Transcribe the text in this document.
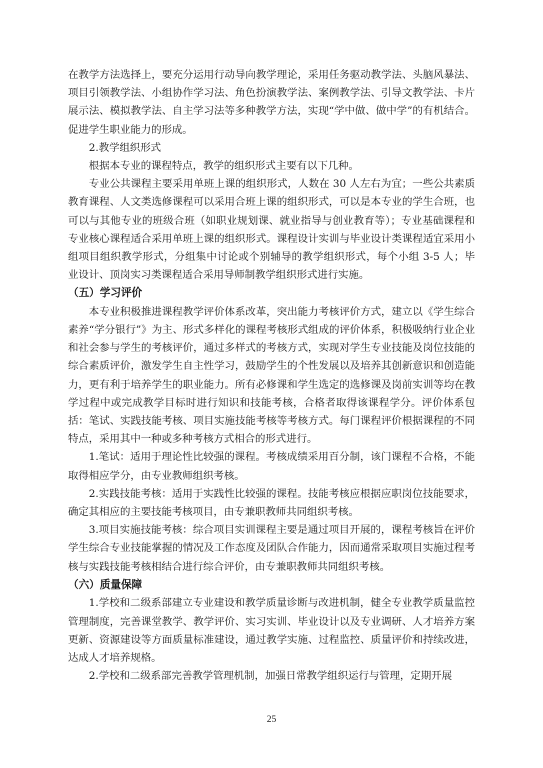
在教学方法选择上，要充分运用行动导向教学理论，采用任务驱动教学法、头脑风暴法、项目引领教学法、小组协作学习法、角色扮演教学法、案例教学法、引导文教学法、卡片展示法、模拟教学法、自主学习法等多种教学方法，实现“学中做、做中学”的有机结合。促进学生职业能力的形成。

2.教学组织形式

根据本专业的课程特点，教学的组织形式主要有以下几种。

专业公共课程主要采用单班上课的组织形式，人数在 30 人左右为宜；一些公共素质教育课程、人文类选修课程可以采用合班上课的组织形式，可以是本专业的学生合班，也可以与其他专业的班级合班（如职业规划课、就业指导与创业教育等）；专业基础课程和专业核心课程适合采用单班上课的组织形式。课程设计实训与毕业设计类课程适宜采用小组项目组织教学形式，分组集中讨论或个别辅导的教学组织形式，每个小组 3-5 人；毕业设计、顶岗实习类课程适合采用导师制教学组织形式进行实施。

（五）学习评价

本专业积极推进课程教学评价体系改革，突出能力考核评价方式，建立以《学生综合素养“学分银行”》为主、形式多样化的课程考核形式组成的评价体系，积极吸纳行业企业和社会参与学生的考核评价，通过多样式的考核方式，实现对学生专业技能及岗位技能的综合素质评价，激发学生自主性学习，鼓励学生的个性发展以及培养其创新意识和创造能力，更有利于培养学生的职业能力。所有必修课和学生选定的选修课及岗前实训等均在教学过程中或完成教学目标时进行知识和技能考核，合格者取得该课程学分。评价体系包括：笔试、实践技能考核、项目实施技能考核等考核方式。每门课程评价根据课程的不同特点，采用其中一种或多种考核方式相合的形式进行。

1.笔试：适用于理论性比较强的课程。考核成绩采用百分制，该门课程不合格，不能取得相应学分，由专业教师组织考核。

2.实践技能考核：适用于实践性比较强的课程。技能考核应根据应职岗位技能要求，确定其相应的主要技能考核项目，由专兼职教师共同组织考核。

3.项目实施技能考核：综合项目实训课程主要是通过项目开展的，课程考核旨在评价学生综合专业技能掌握的情况及工作态度及团队合作能力，因而通常采取项目实施过程考核与实践技能考核相结合进行综合评价，由专兼职教师共同组织考核。

（六）质量保障

1.学校和二级系部建立专业建设和教学质量诊断与改进机制，健全专业教学质量监控管理制度，完善课堂教学、教学评价、实习实训、毕业设计以及专业调研、人才培养方案更新、资源建设等方面质量标准建设，通过教学实施、过程监控、质量评价和持续改进，达成人才培养规格。

2.学校和二级系部完善教学管理机制，加强日常教学组织运行与管理，定期开展

25
